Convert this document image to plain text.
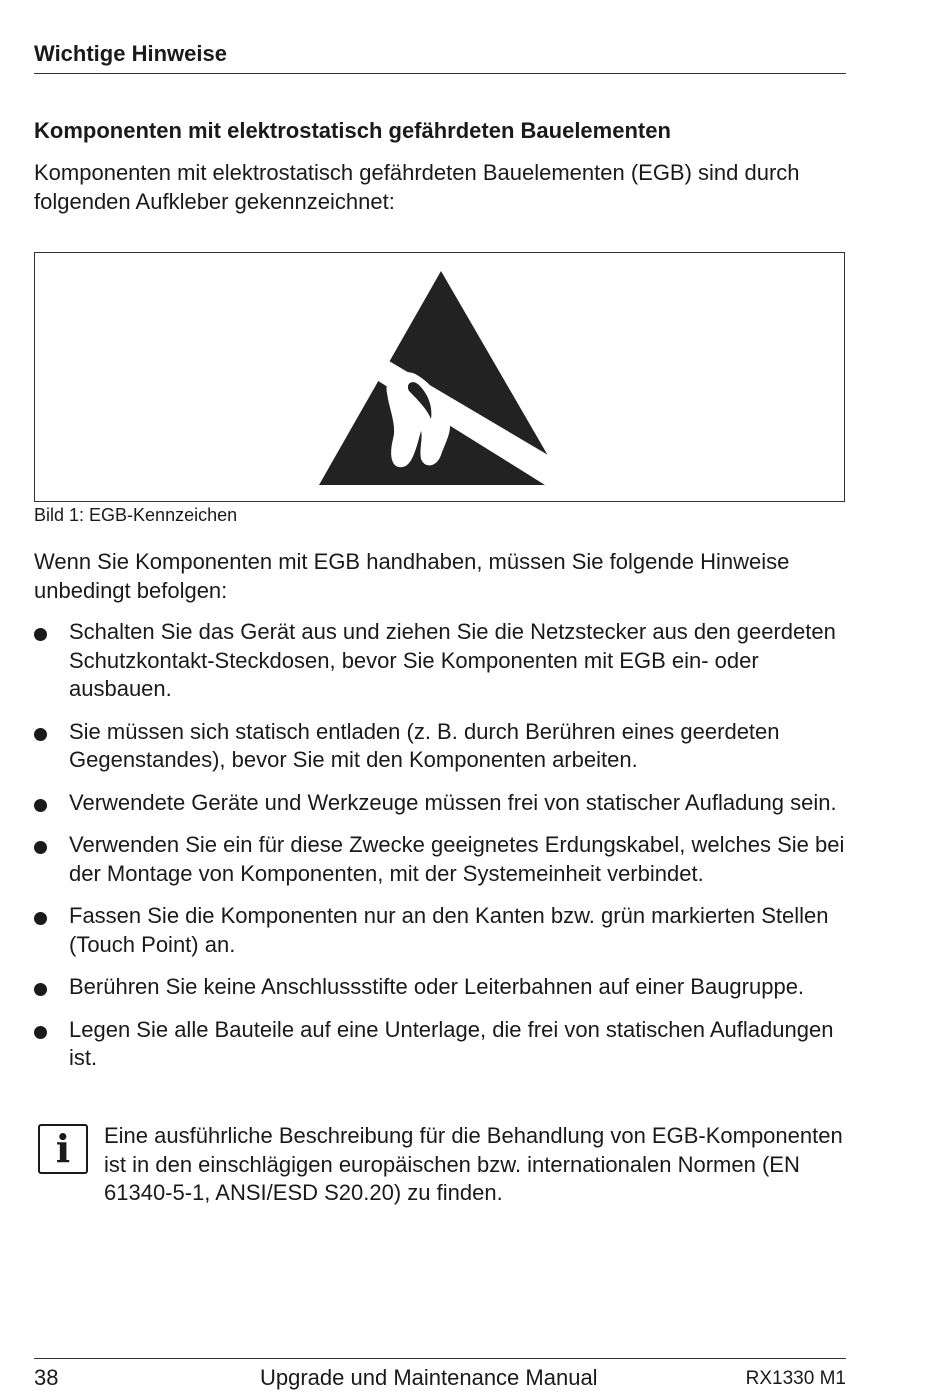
Wichtige Hinweise
Komponenten mit elektrostatisch gefährdeten Bauelementen
Komponenten mit elektrostatisch gefährdeten Bauelementen (EGB) sind durch folgenden Aufkleber gekennzeichnet:
Bild 1: EGB-Kennzeichen
Wenn Sie Komponenten mit EGB handhaben, müssen Sie folgende Hinweise unbedingt befolgen:
Schalten Sie das Gerät aus und ziehen Sie die Netzstecker aus den geerdeten Schutzkontakt-Steckdosen, bevor Sie Komponenten mit EGB ein- oder ausbauen.
Sie müssen sich statisch entladen (z. B. durch Berühren eines geerdeten Gegenstandes), bevor Sie mit den Komponenten arbeiten.
Verwendete Geräte und Werkzeuge müssen frei von statischer Aufladung sein.
Verwenden Sie ein für diese Zwecke geeignetes Erdungskabel, welches Sie bei der Montage von Komponenten, mit der Systemeinheit verbindet.
Fassen Sie die Komponenten nur an den Kanten bzw. grün markierten Stellen (Touch Point) an.
Berühren Sie keine Anschlussstifte oder Leiterbahnen auf einer Baugruppe.
Legen Sie alle Bauteile auf eine Unterlage, die frei von statischen Aufladungen ist.
i	Eine ausführliche Beschreibung für die Behandlung von EGB-Komponenten ist in den einschlägigen europäischen bzw. internationalen Normen (EN 61340-5-1, ANSI/ESD S20.20) zu finden.
38	Upgrade und Maintenance Manual	RX1330 M1
